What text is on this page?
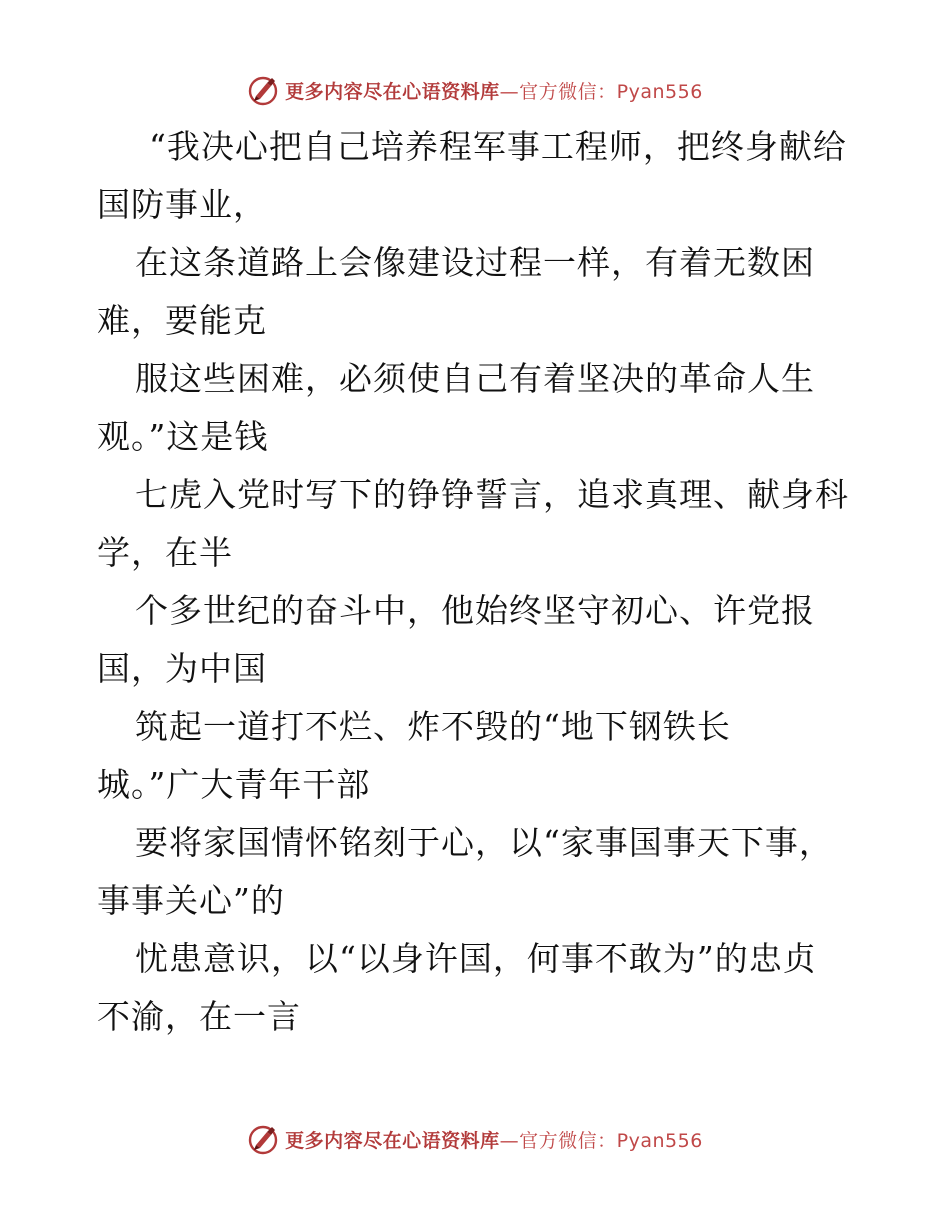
更多内容尽在心语资料库—官方微信：Pyan556

“我决心把自己培养程军事工程师，把终身献给

国防事业，

在这条道路上会像建设过程一样，有着无数困

难，要能克

服这些困难，必须使自己有着坚决的革命人生

观。”这是钱

七虎入党时写下的铮铮誓言，追求真理、献身科

学，在半

个多世纪的奋斗中，他始终坚守初心、许党报

国，为中国

筑起一道打不烂、炸不毁的“地下钢铁长

城。”广大青年干部

要将家国情怀铭刻于心，以“家事国事天下事，

事事关心”的

忧患意识，以“以身许国，何事不敢为”的忠贞

不渝，在一言

更多内容尽在心语资料库—官方微信：Pyan556
